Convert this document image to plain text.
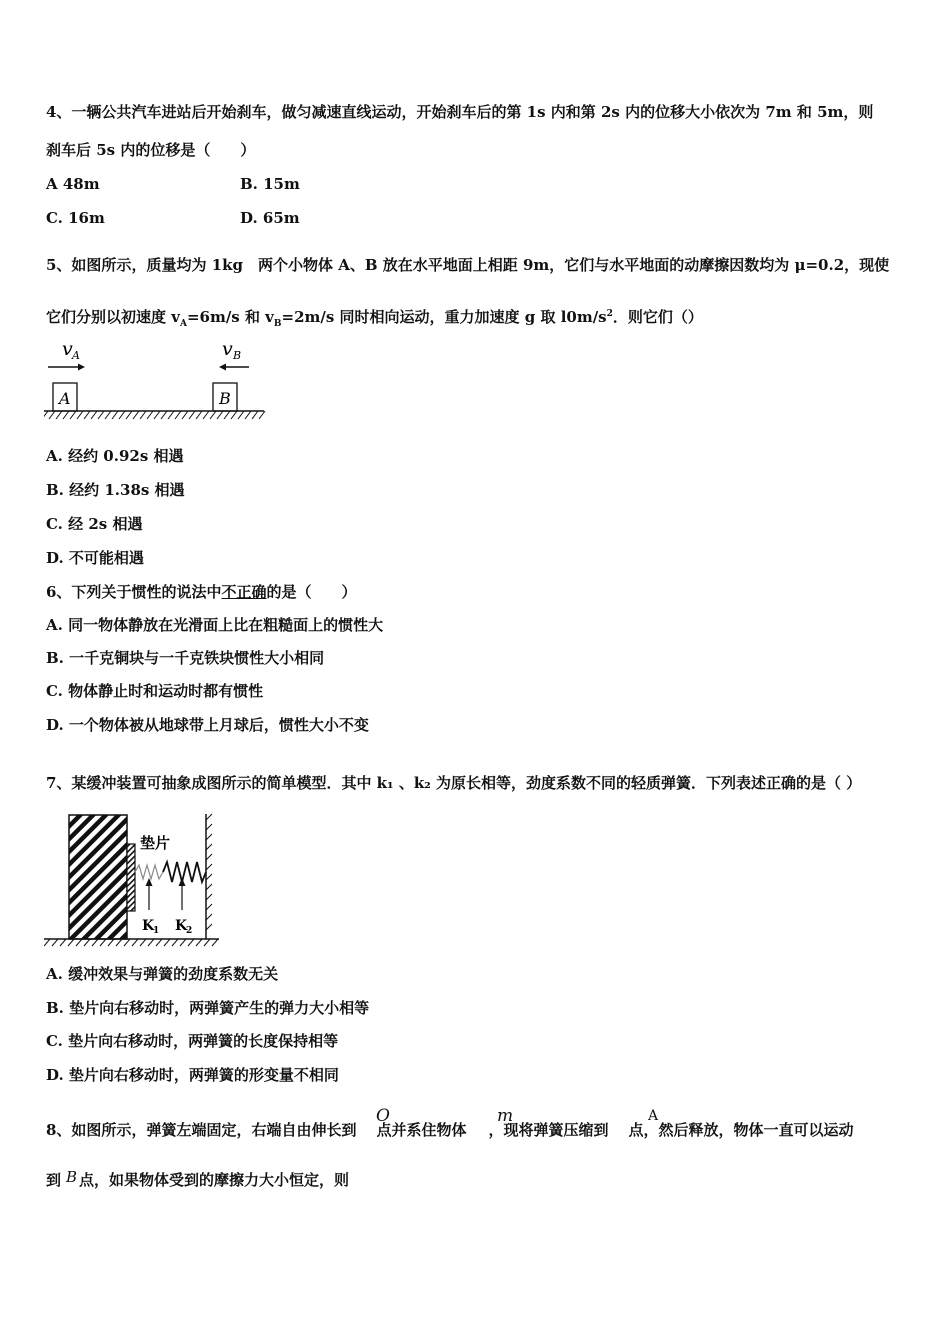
4、一辆公共汽车进站后开始刹车，做匀减速直线运动，开始刹车后的第 1s 内和第 2s 内的位移大小依次为 7m 和 5m，则
刹车后 5s 内的位移是（　　）
A 48m	B. 15m
C. 16m	D. 65m
5、如图所示，质量均为 1kg　两个小物体 A、B 放在水平地面上相距 9m，它们与水平地面的动摩擦因数均为 μ=0.2，现使
它们分别以初速度 $v_A=6m/s$ 和 $v_B=2m/s$ 同时相向运动，重力加速度 g 取 $l0m/s^2$．则它们（）
v A	v B
A	B
A. 经约 0.92s 相遇
B. 经约 1.38s 相遇
C. 经 2s 相遇
D. 不可能相遇
6、下列关于惯性的说法中不正确的是（　　）
A. 同一物体静放在光滑面上比在粗糙面上的惯性大
B. 一千克铜块与一千克铁块惯性大小相同
C. 物体静止时和运动时都有惯性
D. 一个物体被从地球带上月球后，惯性大小不变
7、某缓冲装置可抽象成图所示的简单模型．其中 k₁ 、k₂ 为原长相等，劲度系数不同的轻质弹簧．下列表述正确的是（ ）
垫片
K
1 K
2
A. 缓冲效果与弹簧的劲度系数无关
B. 垫片向右移动时，两弹簧产生的弹力大小相等
C. 垫片向右移动时，两弹簧的长度保持相等
D. 垫片向右移动时，两弹簧的形变量不相同
8、如图所示，弹簧左端固定，右端自由伸长到 点并系住物体 ，现将弹簧压缩到 点，然后释放，物体一直可以运动
O	m	A
到 点，如果物体受到的摩擦力大小恒定，则
B
